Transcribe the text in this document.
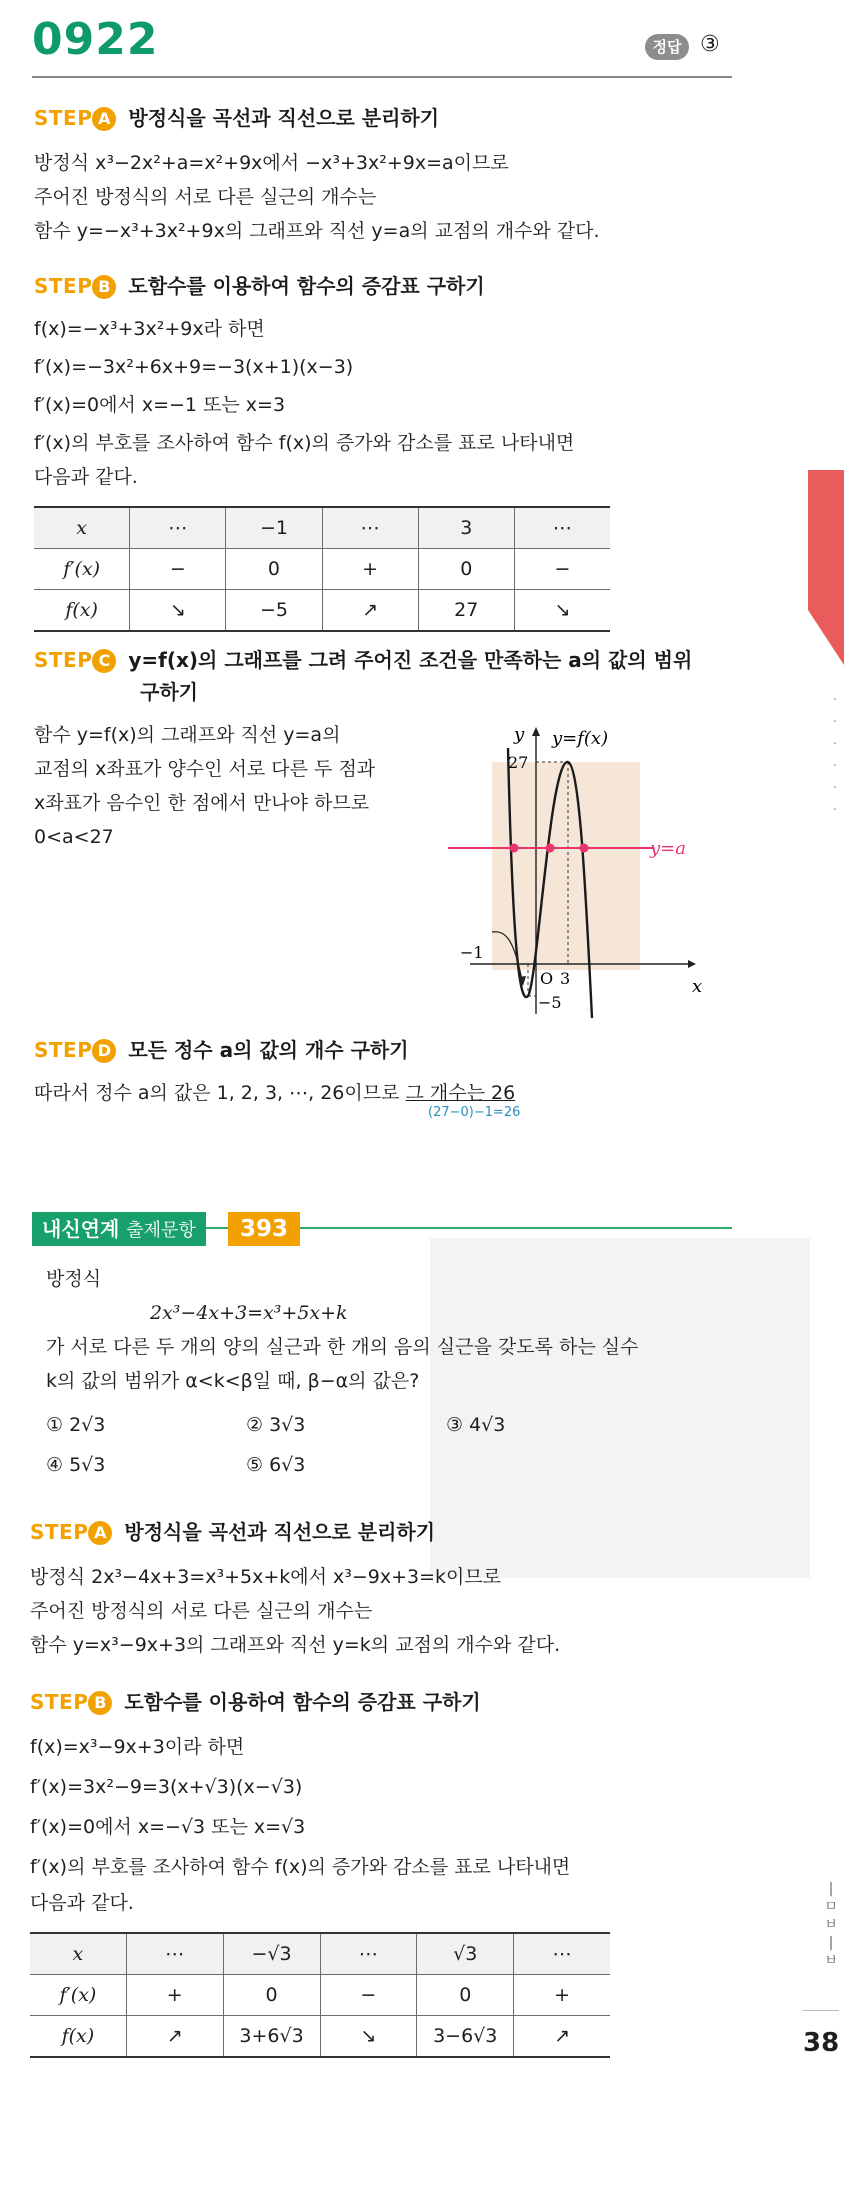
0922	정답 ③
·
·
·
·
·
·
STEP A 방정식을 곡선과 직선으로 분리하기
방정식 x³−2x²+a=x²+9x에서 −x³+3x²+9x=a이므로
주어진 방정식의 서로 다른 실근의 개수는
함수 y=−x³+3x²+9x의 그래프와 직선 y=a의 교점의 개수와 같다.
STEP B 도함수를 이용하여 함수의 증감표 구하기
f(x)=−x³+3x²+9x라 하면
f′(x)=−3x²+6x+9=−3(x+1)(x−3)
f′(x)=0에서 x=−1 또는 x=3
f′(x)의 부호를 조사하여 함수 f(x)의 증가와 감소를 표로 나타내면
다음과 같다.
x	⋯	−1	⋯	3	⋯
f′(x)	−	0	+	0	−
f(x)	↘	−5	↗	27	↘
STEP C y=f(x)의 그래프를 그려 주어진 조건을 만족하는 a의 값의 범위
구하기
함수 y=f(x)의 그래프와 직선 y=a의
교점의 x좌표가 양수인 서로 다른 두 점과
x좌표가 음수인 한 점에서 만나야 하므로
0<a<27
y
x
y=f(x)
y=a
27
−1
O 3
−5
STEP D 모든 정수 a의 값의 개수 구하기
따라서 정수 a의 값은 1, 2, 3, ⋯, 26이므로 그 개수는 26
(27−0)−1=26
내신연계 출제문항	393
방정식
2x³−4x+3=x³+5x+k
가 서로 다른 두 개의 양의 실근과 한 개의 음의 실근을 갖도록 하는 실수
k의 값의 범위가 α<k<β일 때, β−α의 값은?
① 2√3	② 3√3	③ 4√3
④ 5√3	⑤ 6√3
STEP A 방정식을 곡선과 직선으로 분리하기
방정식 2x³−4x+3=x³+5x+k에서 x³−9x+3=k이므로
주어진 방정식의 서로 다른 실근의 개수는
함수 y=x³−9x+3의 그래프와 직선 y=k의 교점의 개수와 같다.
STEP B 도함수를 이용하여 함수의 증감표 구하기
f(x)=x³−9x+3이라 하면
f′(x)=3x²−9=3(x+√3)(x−√3)
f′(x)=0에서 x=−√3 또는 x=√3
f′(x)의 부호를 조사하여 함수 f(x)의 증가와 감소를 표로 나타내면
다음과 같다.
x	⋯	−√3	⋯	√3	⋯
f′(x)	+	0	−	0	+
f(x)	↗	3+6√3	↘	3−6√3	↗
|
ㅁ
ㅂ
|
ㅂ
38
